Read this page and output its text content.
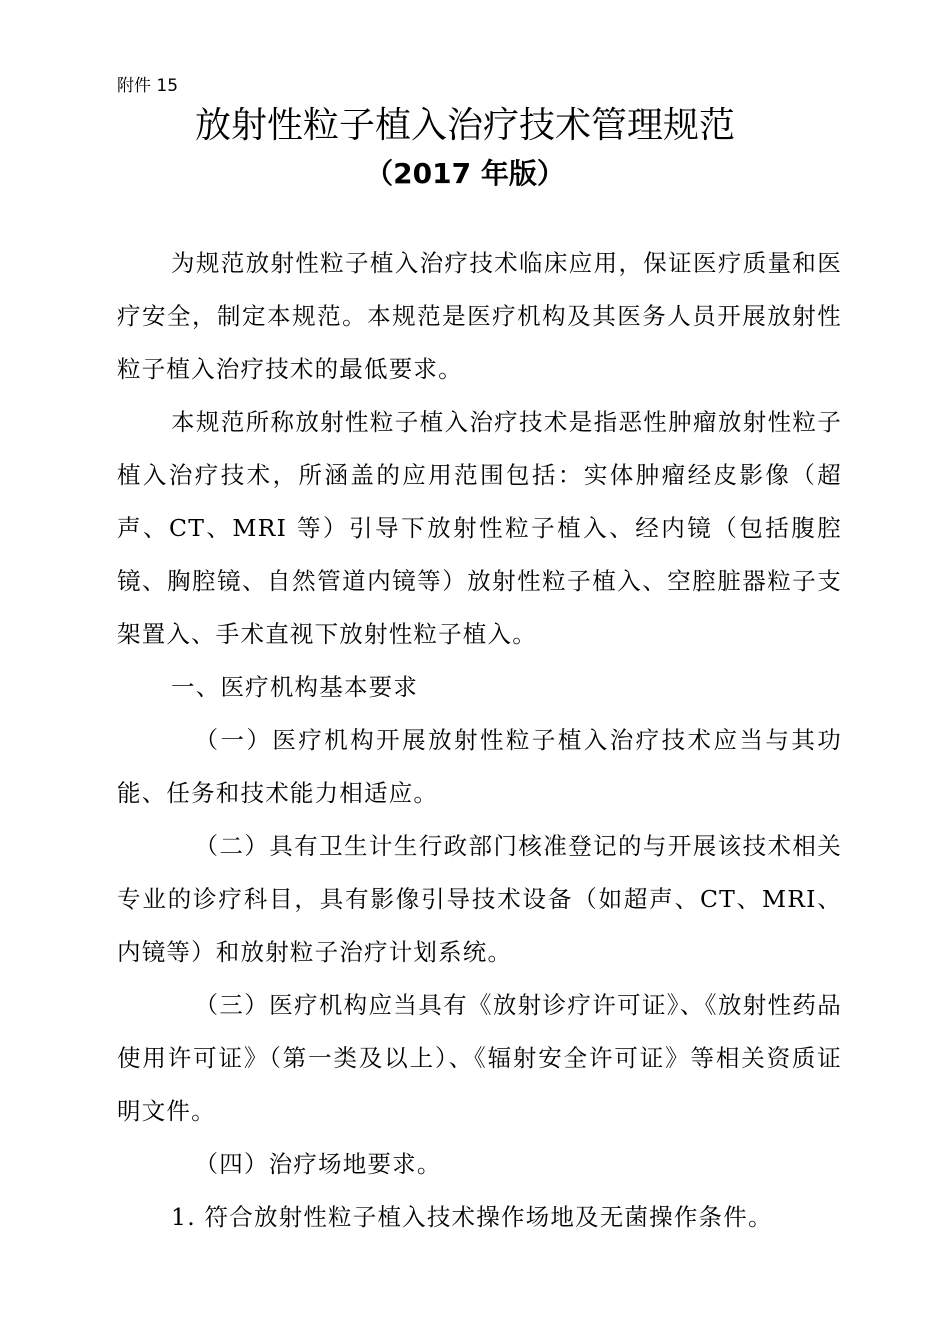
附件 15
放射性粒子植入治疗技术管理规范
（2017 年版）

为规范放射性粒子植入治疗技术临床应用，保证医疗质量和医疗安全，制定本规范。本规范是医疗机构及其医务人员开展放射性粒子植入治疗技术的最低要求。

本规范所称放射性粒子植入治疗技术是指恶性肿瘤放射性粒子植入治疗技术，所涵盖的应用范围包括：实体肿瘤经皮影像（超声、CT、MRI 等）引导下放射性粒子植入、经内镜（包括腹腔镜、胸腔镜、自然管道内镜等）放射性粒子植入、空腔脏器粒子支架置入、手术直视下放射性粒子植入。

一、医疗机构基本要求

（一）医疗机构开展放射性粒子植入治疗技术应当与其功能、任务和技术能力相适应。

（二）具有卫生计生行政部门核准登记的与开展该技术相关专业的诊疗科目，具有影像引导技术设备（如超声、CT、MRI、内镜等）和放射粒子治疗计划系统。

（三）医疗机构应当具有《放射诊疗许可证》、《放射性药品使用许可证》（第一类及以上）、《辐射安全许可证》等相关资质证明文件。

（四）治疗场地要求。

1. 符合放射性粒子植入技术操作场地及无菌操作条件。
